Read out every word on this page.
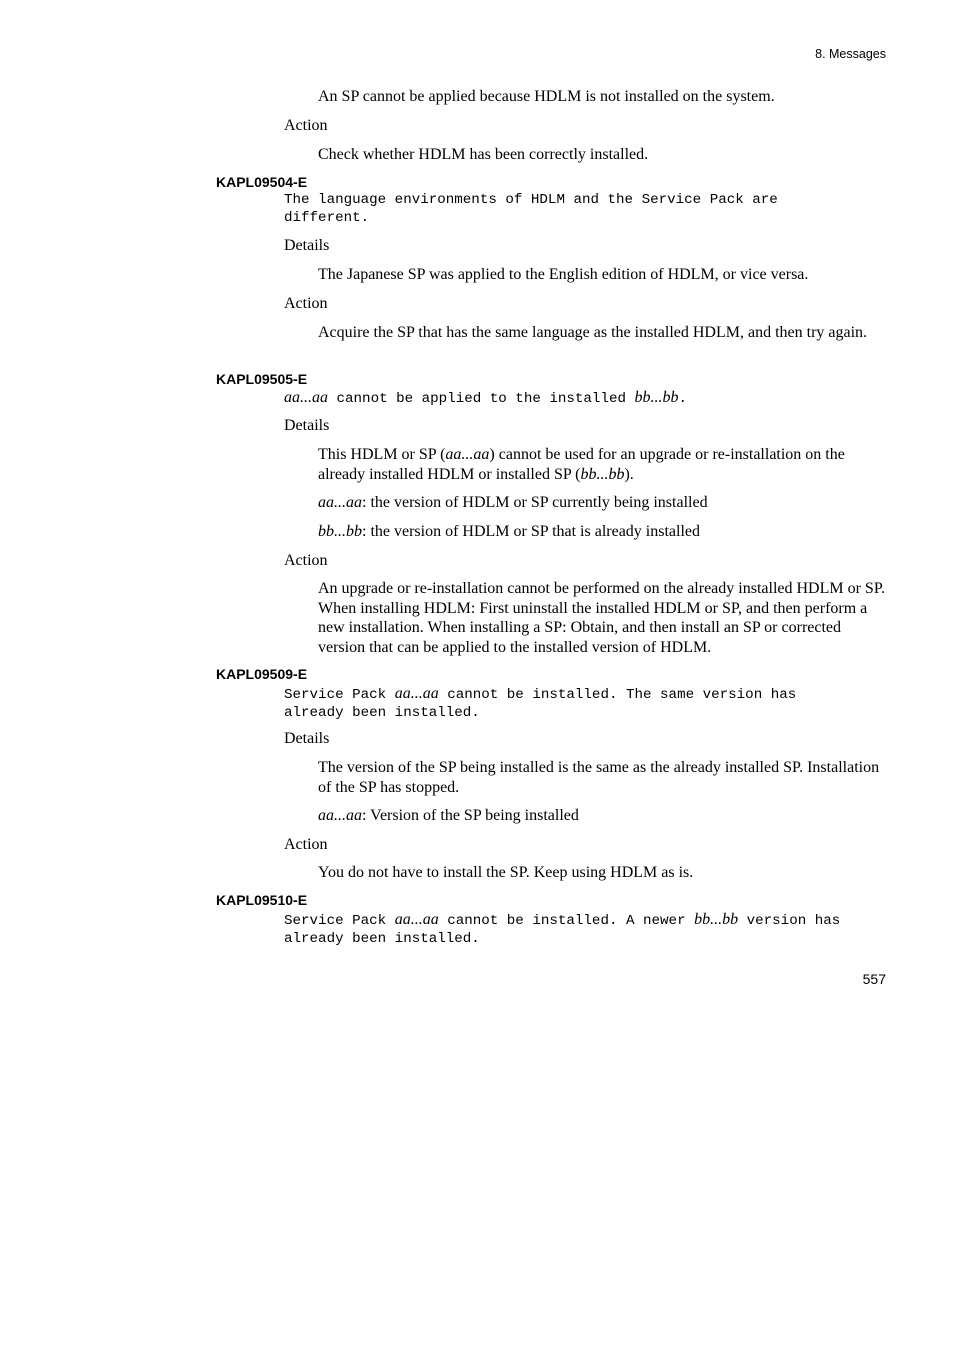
8. Messages
An SP cannot be applied because HDLM is not installed on the system.
Action
Check whether HDLM has been correctly installed.
KAPL09504-E
The language environments of HDLM and the Service Pack are
different.
Details
The Japanese SP was applied to the English edition of HDLM, or vice versa.
Action
Acquire the SP that has the same language as the installed HDLM, and then try again.
KAPL09505-E
aa...aa cannot be applied to the installed bb...bb.
Details
This HDLM or SP (aa...aa) cannot be used for an upgrade or re-installation on the already installed HDLM or installed SP (bb...bb).
aa...aa: the version of HDLM or SP currently being installed
bb...bb: the version of HDLM or SP that is already installed
Action
An upgrade or re-installation cannot be performed on the already installed HDLM or SP. When installing HDLM: First uninstall the installed HDLM or SP, and then perform a new installation. When installing a SP: Obtain, and then install an SP or corrected version that can be applied to the installed version of HDLM.
KAPL09509-E
Service Pack aa...aa cannot be installed. The same version has
already been installed.
Details
The version of the SP being installed is the same as the already installed SP. Installation of the SP has stopped.
aa...aa: Version of the SP being installed
Action
You do not have to install the SP. Keep using HDLM as is.
KAPL09510-E
Service Pack aa...aa cannot be installed. A newer bb...bb version has
already been installed.
557
